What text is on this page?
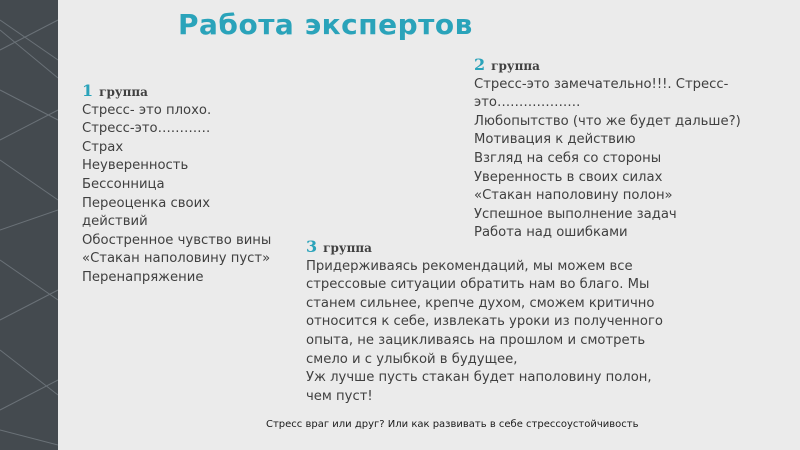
Работа экспертов
1 группа
Стресс- это плохо.
Стресс-это…………
Страх
Неуверенность
Бессонница
Переоценка своих
действий
Обостренное чувство вины
«Стакан наполовину пуст»
Перенапряжение
2 группа
Стресс-это замечательно!!!. Стресс-
это……………….
Любопытство (что же будет дальше?)
Мотивация к действию
Взгляд на себя со стороны
Уверенность в своих силах
«Стакан наполовину полон»
Успешное выполнение задач
Работа над ошибками
3 группа
Придерживаясь рекомендаций, мы можем все
стрессовые ситуации обратить нам во благо. Мы
станем сильнее, крепче духом, сможем критично
относится к себе, извлекать уроки из полученного
опыта, не зацикливаясь на прошлом и смотреть
смело и с улыбкой в будущее,
Уж лучше пусть стакан будет наполовину полон,
чем пуст!
Стресс враг или друг? Или как развивать в себе стрессоустойчивость
